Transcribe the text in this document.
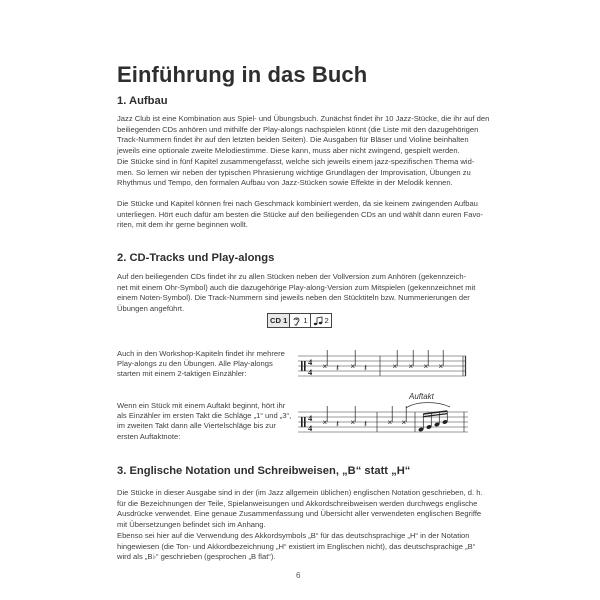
Einführung in das Buch
1. Aufbau

Jazz Club ist eine Kombination aus Spiel- und Übungsbuch. Zunächst findet ihr 10 Jazz-Stücke, die ihr auf den
beiliegenden CDs anhören und mithilfe der Play-alongs nachspielen könnt (die Liste mit den dazugehörigen
Track-Nummern findet ihr auf den letzten beiden Seiten). Die Ausgaben für Bläser und Violine beinhalten
jeweils eine optionale zweite Melodiestimme. Diese kann, muss aber nicht zwingend, gespielt werden.
Die Stücke sind in fünf Kapitel zusammengefasst, welche sich jeweils einem jazz-spezifischen Thema wid-
men. So lernen wir neben der typischen Phrasierung wichtige Grundlagen der Improvisation, Übungen zu
Rhythmus und Tempo, den formalen Aufbau von Jazz-Stücken sowie Effekte in der Melodik kennen.

Die Stücke und Kapitel können frei nach Geschmack kombiniert werden, da sie keinem zwingenden Aufbau
unterliegen. Hört euch dafür am besten die Stücke auf den beiliegenden CDs an und wählt dann euren Favo-
riten, mit dem ihr gerne beginnen wollt.

2. CD-Tracks und Play-alongs

Auf den beiliegenden CDs findet ihr zu allen Stücken neben der Vollversion zum Anhören (gekennzeich-
net mit einem Ohr-Symbol) auch die dazugehörige Play-along-Version zum Mitspielen (gekennzeichnet mit
einem Noten-Symbol). Die Track-Nummern sind jeweils neben den Stücktiteln bzw. Nummerierungen der
Übungen angeführt.

CD 1	1 2

Auch in den Workshop-Kapiteln findet ihr mehrere
Play-alongs zu den Übungen. Alle Play-alongs
starten mit einem 2-taktigen Einzähler:

4
4
×	×	× × × ×
𝄽 𝄽

Wenn ein Stück mit einem Auftakt beginnt, hört ihr
als Einzähler im ersten Takt die Schläge „1“ und „3“,
im zweiten Takt dann alle Viertelschläge bis zur
ersten Auftaktnote:

Auftakt
4
4
×	×	× ×
𝄽 𝄽
3. Englische Notation und Schreibweisen, „B“ statt „H“

Die Stücke in dieser Ausgabe sind in der (im Jazz allgemein üblichen) englischen Notation geschrieben, d. h.
für die Bezeichnungen der Teile, Spielanweisungen und Akkordschreibweisen werden durchwegs englische
Ausdrücke verwendet. Eine genaue Zusammenfassung und Übersicht aller verwendeten englischen Begriffe
mit Übersetzungen befindet sich im Anhang.
Ebenso sei hier auf die Verwendung des Akkordsymbols „B“ für das deutschsprachige „H“ in der Notation
hingewiesen (die Ton- und Akkordbezeichnung „H“ existiert im Englischen nicht), das deutschsprachige „B“
wird als „B♭“ geschrieben (gesprochen „B flat“).

6
